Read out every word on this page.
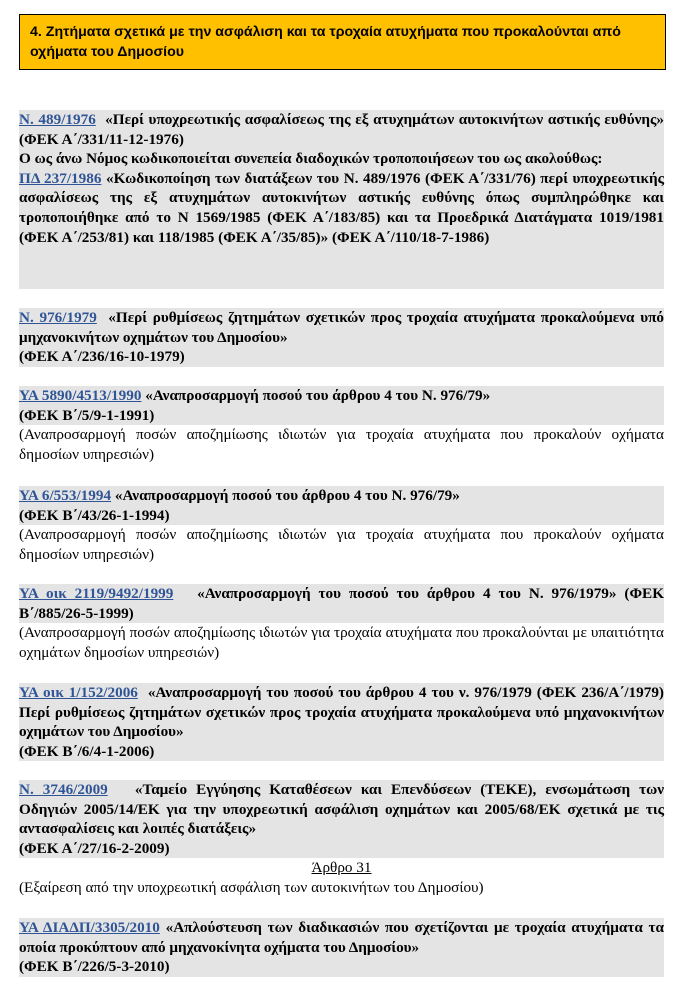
4. Ζητήματα σχετικά με την ασφάλιση και τα τροχαία ατυχήματα που προκαλούνται από οχήματα του Δημοσίου

Ν. 489/1976 «Περί υποχρεωτικής ασφαλίσεως της εξ ατυχημάτων αυτοκινήτων αστικής ευθύνης» (ΦΕΚ Α΄/331/11-12-1976)

Ο ως άνω Νόμος κωδικοποιείται συνεπεία διαδοχικών τροποποιήσεων του ως ακολούθως:

ΠΔ 237/1986 «Κωδικοποίηση των διατάξεων του Ν. 489/1976 (ΦΕΚ Α΄/331/76) περί υποχρεωτικής ασφαλίσεως της εξ ατυχημάτων αυτοκινήτων αστικής ευθύνης όπως συμπληρώθηκε και τροποποιήθηκε από το Ν 1569/1985 (ΦΕΚ Α΄/183/85) και τα Προεδρικά Διατάγματα 1019/1981 (ΦΕΚ Α΄/253/81) και 118/1985 (ΦΕΚ Α΄/35/85)» (ΦΕΚ Α΄/110/18-7-1986)

Ν. 976/1979 «Περί ρυθμίσεως ζητημάτων σχετικών προς τροχαία ατυχήματα προκαλούμενα υπό μηχανοκινήτων οχημάτων του Δημοσίου»

(ΦΕΚ Α΄/236/16-10-1979)

ΥΑ 5890/4513/1990 «Αναπροσαρμογή ποσού του άρθρου 4 του Ν. 976/79»

(ΦΕΚ Β΄/5/9-1-1991)

(Αναπροσαρμογή ποσών αποζημίωσης ιδιωτών για τροχαία ατυχήματα που προκαλούν οχήματα δημοσίων υπηρεσιών)

ΥΑ 6/553/1994 «Αναπροσαρμογή ποσού του άρθρου 4 του Ν. 976/79»

(ΦΕΚ Β΄/43/26-1-1994)

(Αναπροσαρμογή ποσών αποζημίωσης ιδιωτών για τροχαία ατυχήματα που προκαλούν οχήματα δημοσίων υπηρεσιών)

ΥΑ οικ 2119/9492/1999 «Αναπροσαρμογή του ποσού του άρθρου 4 του Ν. 976/1979» (ΦΕΚ Β΄/885/26-5-1999)

(Αναπροσαρμογή ποσών αποζημίωσης ιδιωτών για τροχαία ατυχήματα που προκαλούνται με υπαιτιότητα οχημάτων δημοσίων υπηρεσιών)

ΥΑ οικ 1/152/2006 «Αναπροσαρμογή του ποσού του άρθρου 4 του ν. 976/1979 (ΦΕΚ 236/Α΄/1979) Περί ρυθμίσεως ζητημάτων σχετικών προς τροχαία ατυχήματα προκαλούμενα υπό μηχανοκινήτων οχημάτων του Δημοσίου»

(ΦΕΚ Β΄/6/4-1-2006)

Ν. 3746/2009 «Ταμείο Εγγύησης Καταθέσεων και Επενδύσεων (ΤΕΚΕ), ενσωμάτωση των Οδηγιών 2005/14/ΕΚ για την υποχρεωτική ασφάλιση οχημάτων και 2005/68/ΕΚ σχετικά με τις αντασφαλίσεις και λοιπές διατάξεις»

(ΦΕΚ Α΄/27/16-2-2009)

Άρθρο 31

(Εξαίρεση από την υποχρεωτική ασφάλιση των αυτοκινήτων του Δημοσίου)

ΥΑ ΔΙΑΔΠ/3305/2010 «Απλούστευση των διαδικασιών που σχετίζονται με τροχαία ατυχήματα τα οποία προκύπτουν από μηχανοκίνητα οχήματα του Δημοσίου»

(ΦΕΚ Β΄/226/5-3-2010)
